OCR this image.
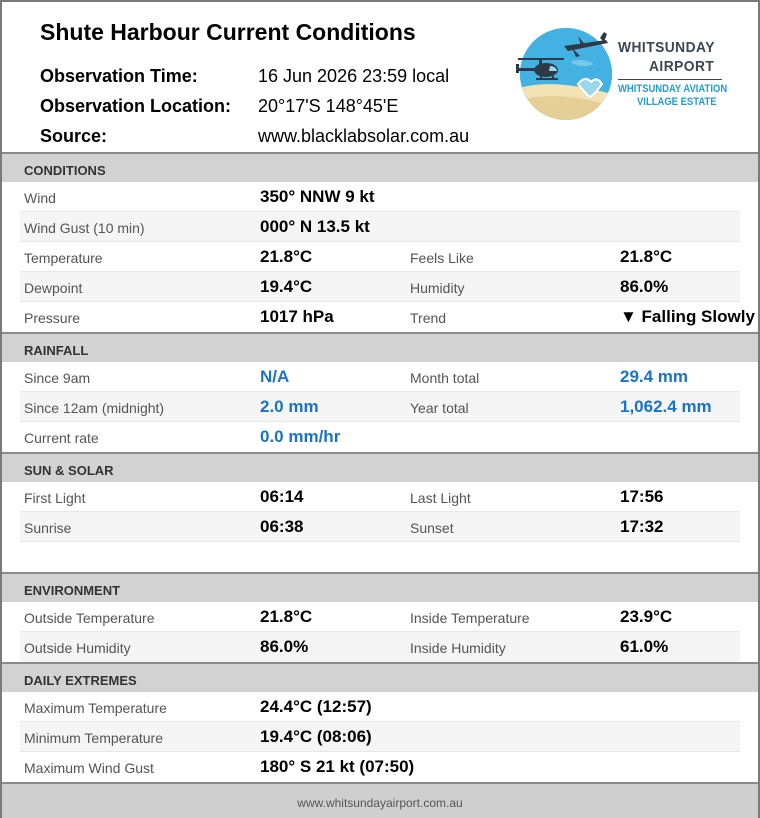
Shute Harbour Current Conditions
Observation Time:	16 Jun 2026 23:59 local
Observation Location: 20°17'S 148°45'E
Source:	www.blacklabsolar.com.au
WHITSUNDAY
AIRPORT
WHITSUNDAY AVIATION
VILLAGE ESTATE
CONDITIONS
Wind	350° NNW 9 kt
Wind Gust (10 min)	000° N 13.5 kt
Temperature	21.8°C	Feels Like	21.8°C
Dewpoint	19.4°C	Humidity	86.0%
Pressure	1017 hPa	Trend	▼ Falling Slowly
RAINFALL
Since 9am	N/A	Month total	29.4 mm
Since 12am (midnight)	2.0 mm	Year total	1,062.4 mm
Current rate	0.0 mm/hr
SUN & SOLAR
First Light	06:14	Last Light	17:56
Sunrise	06:38	Sunset	17:32
ENVIRONMENT
Outside Temperature	21.8°C	Inside Temperature	23.9°C
Outside Humidity	86.0%	Inside Humidity	61.0%
DAILY EXTREMES
Maximum Temperature	24.4°C (12:57)
Minimum Temperature	19.4°C (08:06)
Maximum Wind Gust	180° S 21 kt (07:50)
www.whitsundayairport.com.au
